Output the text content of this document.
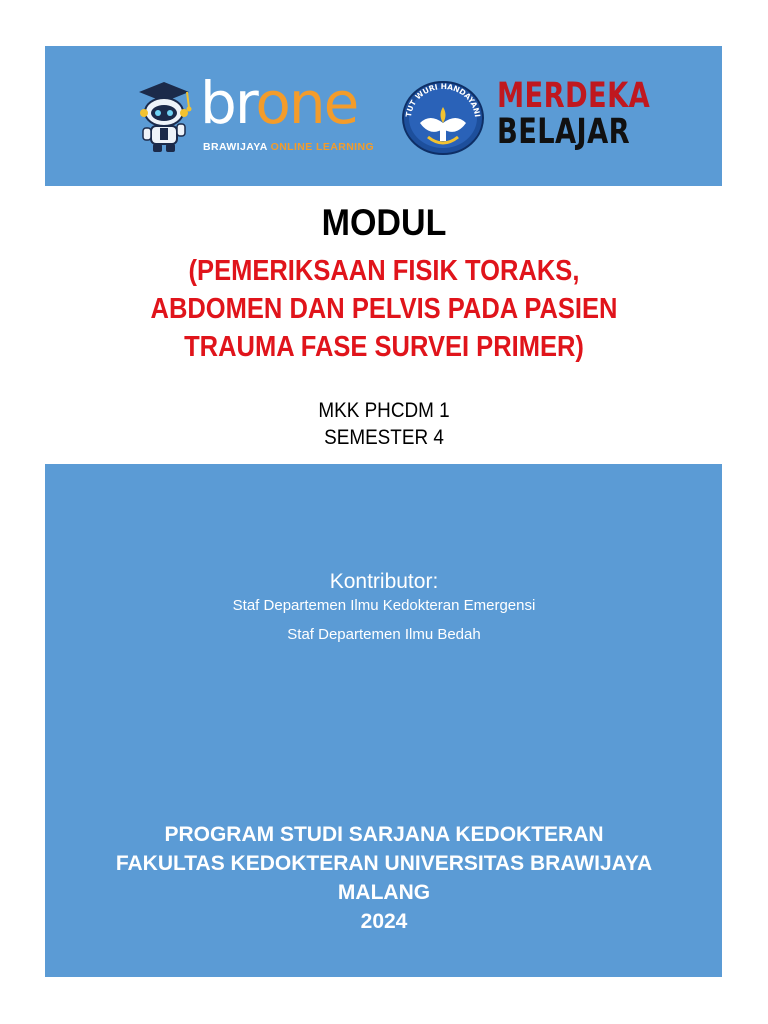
brone
BRAWIJAYA ONLINE LEARNING
TUT WURI HANDAYANI MERDEKA
BELAJAR
MODUL
(PEMERIKSAAN FISIK TORAKS,
ABDOMEN DAN PELVIS PADA PASIEN
TRAUMA FASE SURVEI PRIMER)
MKK PHCDM 1
SEMESTER 4
Kontributor:
Staf Departemen Ilmu Kedokteran Emergensi
Staf Departemen Ilmu Bedah
PROGRAM STUDI SARJANA KEDOKTERAN
FAKULTAS KEDOKTERAN UNIVERSITAS BRAWIJAYA
MALANG
2024
